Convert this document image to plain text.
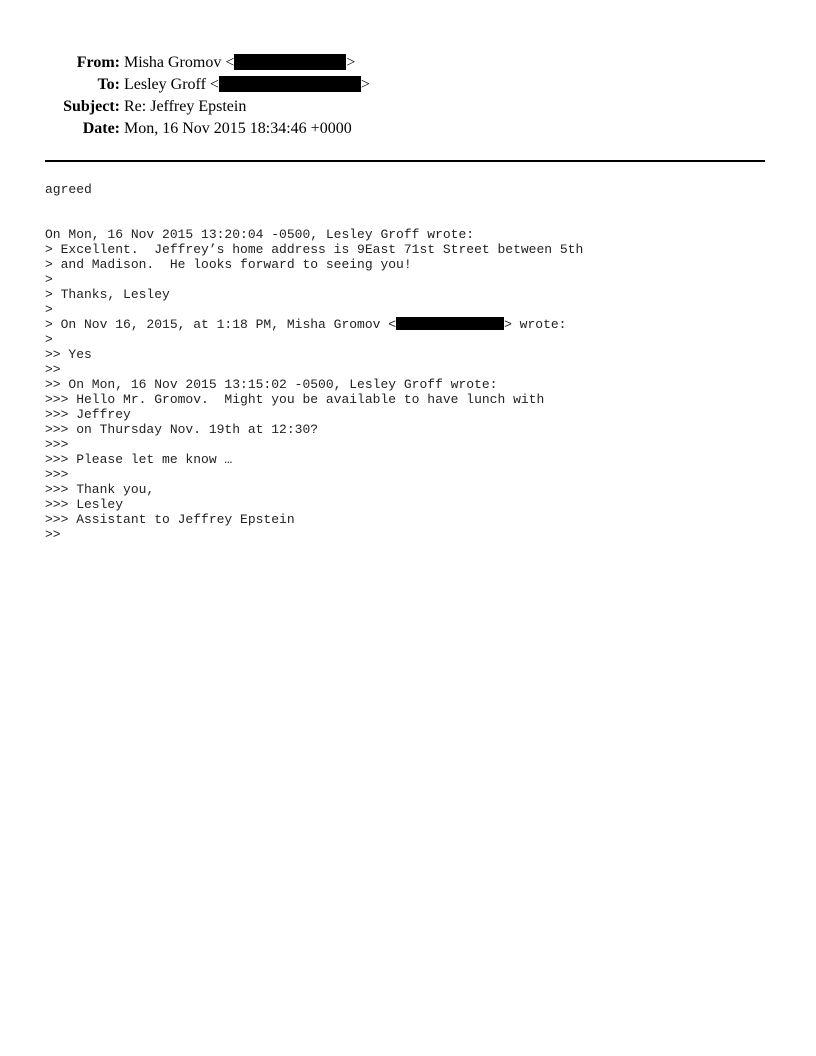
From: Misha Gromov <	>
To: Lesley Groff <	>
Subject: Re: Jeffrey Epstein
Date: Mon, 16 Nov 2015 18:34:46 +0000
agreed
On Mon, 16 Nov 2015 13:20:04 -0500, Lesley Groff wrote:
> Excellent.  Jeffrey’s home address is 9East 71st Street between 5th
> and Madison.  He looks forward to seeing you!
>
> Thanks, Lesley
>
> On Nov 16, 2015, at 1:18 PM, Misha Gromov <	> wrote:
>
>> Yes
>>
>> On Mon, 16 Nov 2015 13:15:02 -0500, Lesley Groff wrote:
>>> Hello Mr. Gromov.  Might you be available to have lunch with
>>> Jeffrey
>>> on Thursday Nov. 19th at 12:30?
>>>
>>> Please let me know …
>>>
>>> Thank you,
>>> Lesley
>>> Assistant to Jeffrey Epstein
>>
